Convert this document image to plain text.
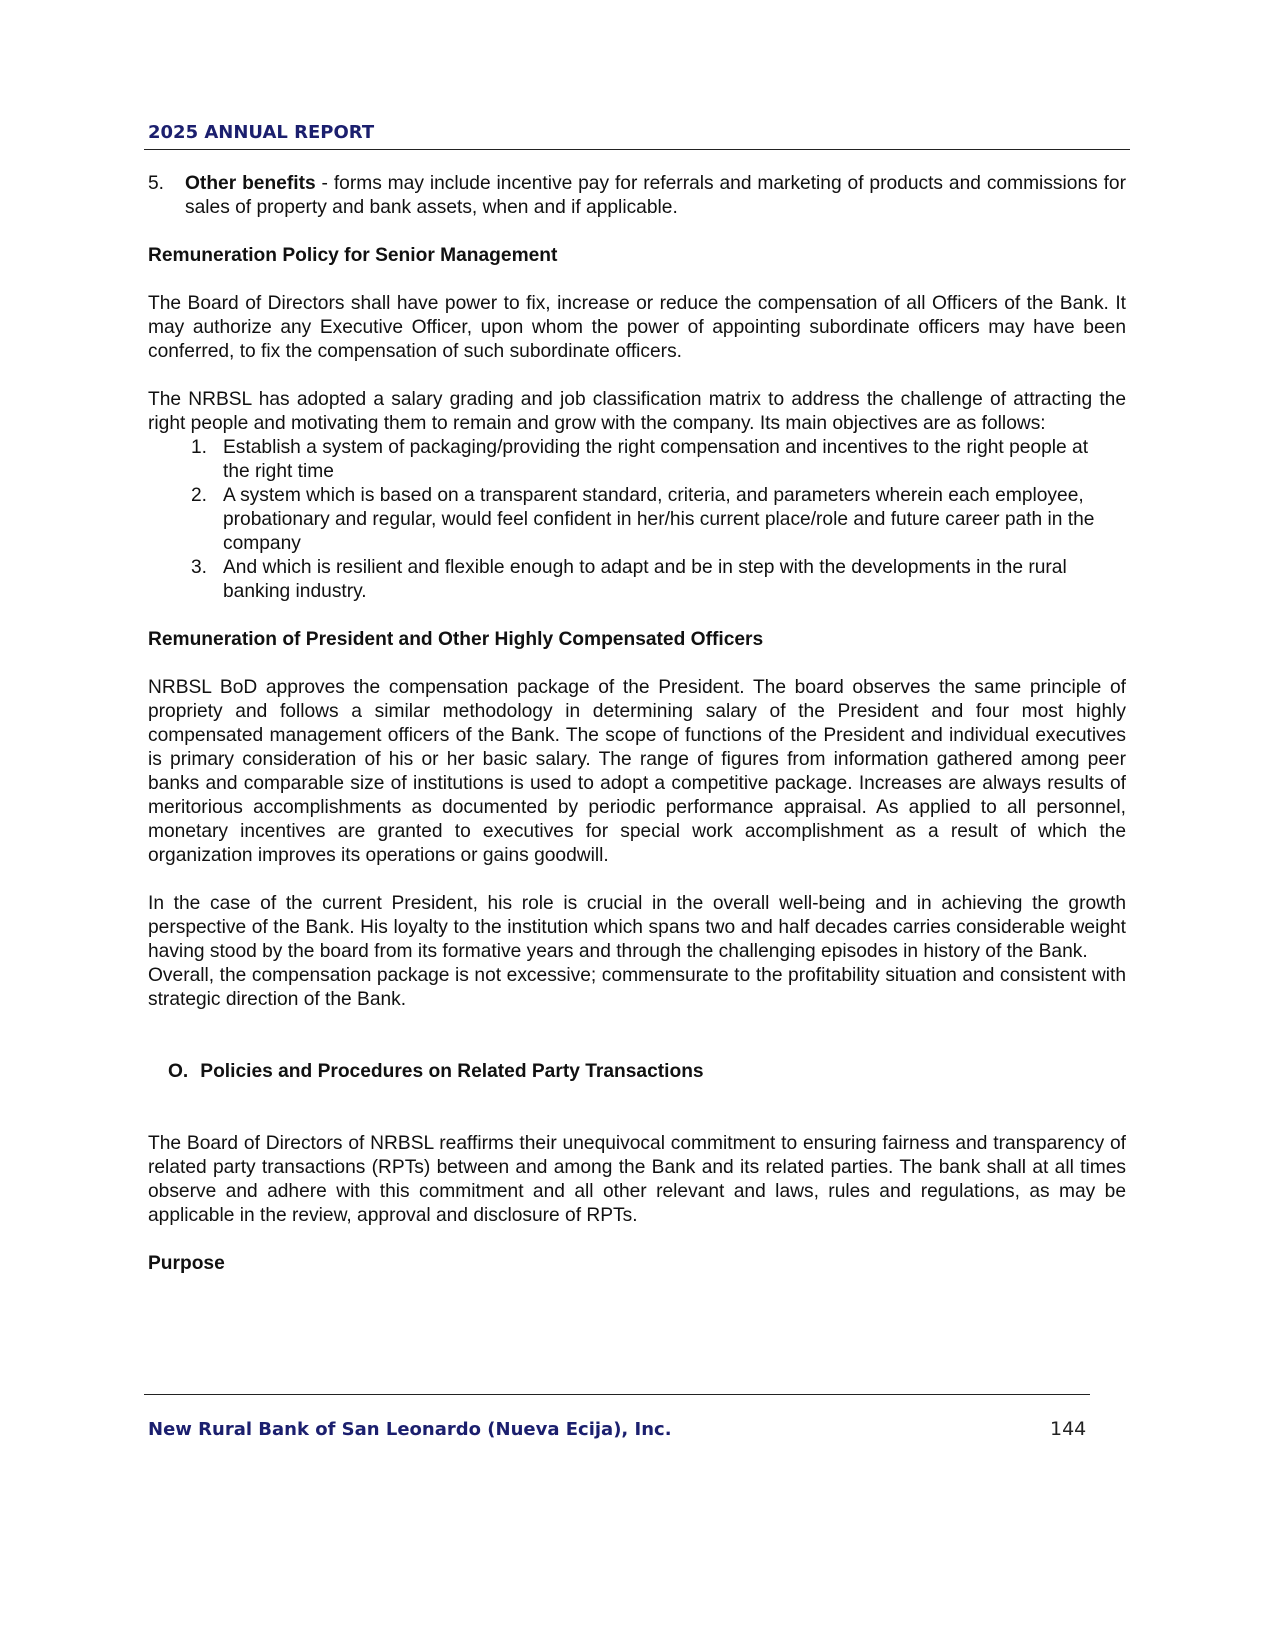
2025 ANNUAL REPORT
5.	Other benefits - forms may include incentive pay for referrals and marketing of products and commissions for sales of property and bank assets, when and if applicable.

Remuneration Policy for Senior Management

The Board of Directors shall have power to fix, increase or reduce the compensation of all Officers of the Bank. It may authorize any Executive Officer, upon whom the power of appointing subordinate officers may have been conferred, to fix the compensation of such subordinate officers.

The NRBSL has adopted a salary grading and job classification matrix to address the challenge of attracting the right people and motivating them to remain and grow with the company. Its main objectives are as follows:

1. Establish a system of packaging/providing the right compensation and incentives to the right people at the right time
2. A system which is based on a transparent standard, criteria, and parameters wherein each employee, probationary and regular, would feel confident in her/his current place/role and future career path in the company
3. And which is resilient and flexible enough to adapt and be in step with the developments in the rural banking industry.

Remuneration of President and Other Highly Compensated Officers

NRBSL BoD approves the compensation package of the President. The board observes the same principle of propriety and follows a similar methodology in determining salary of the President and four most highly compensated management officers of the Bank. The scope of functions of the President and individual executives is primary consideration of his or her basic salary. The range of figures from information gathered among peer banks and comparable size of institutions is used to adopt a competitive package. Increases are always results of meritorious accomplishments as documented by periodic performance appraisal. As applied to all personnel, monetary incentives are granted to executives for special work accomplishment as a result of which the organization improves its operations or gains goodwill.

In the case of the current President, his role is crucial in the overall well-being and in achieving the growth perspective of the Bank. His loyalty to the institution which spans two and half decades carries considerable weight having stood by the board from its formative years and through the challenging episodes in history of the Bank.

Overall, the compensation package is not excessive; commensurate to the profitability situation and consistent with strategic direction of the Bank.

O. Policies and Procedures on Related Party Transactions

The Board of Directors of NRBSL reaffirms their unequivocal commitment to ensuring fairness and transparency of related party transactions (RPTs) between and among the Bank and its related parties. The bank shall at all times observe and adhere with this commitment and all other relevant and laws, rules and regulations, as may be applicable in the review, approval and disclosure of RPTs.

Purpose

New Rural Bank of San Leonardo (Nueva Ecija), Inc.	144
